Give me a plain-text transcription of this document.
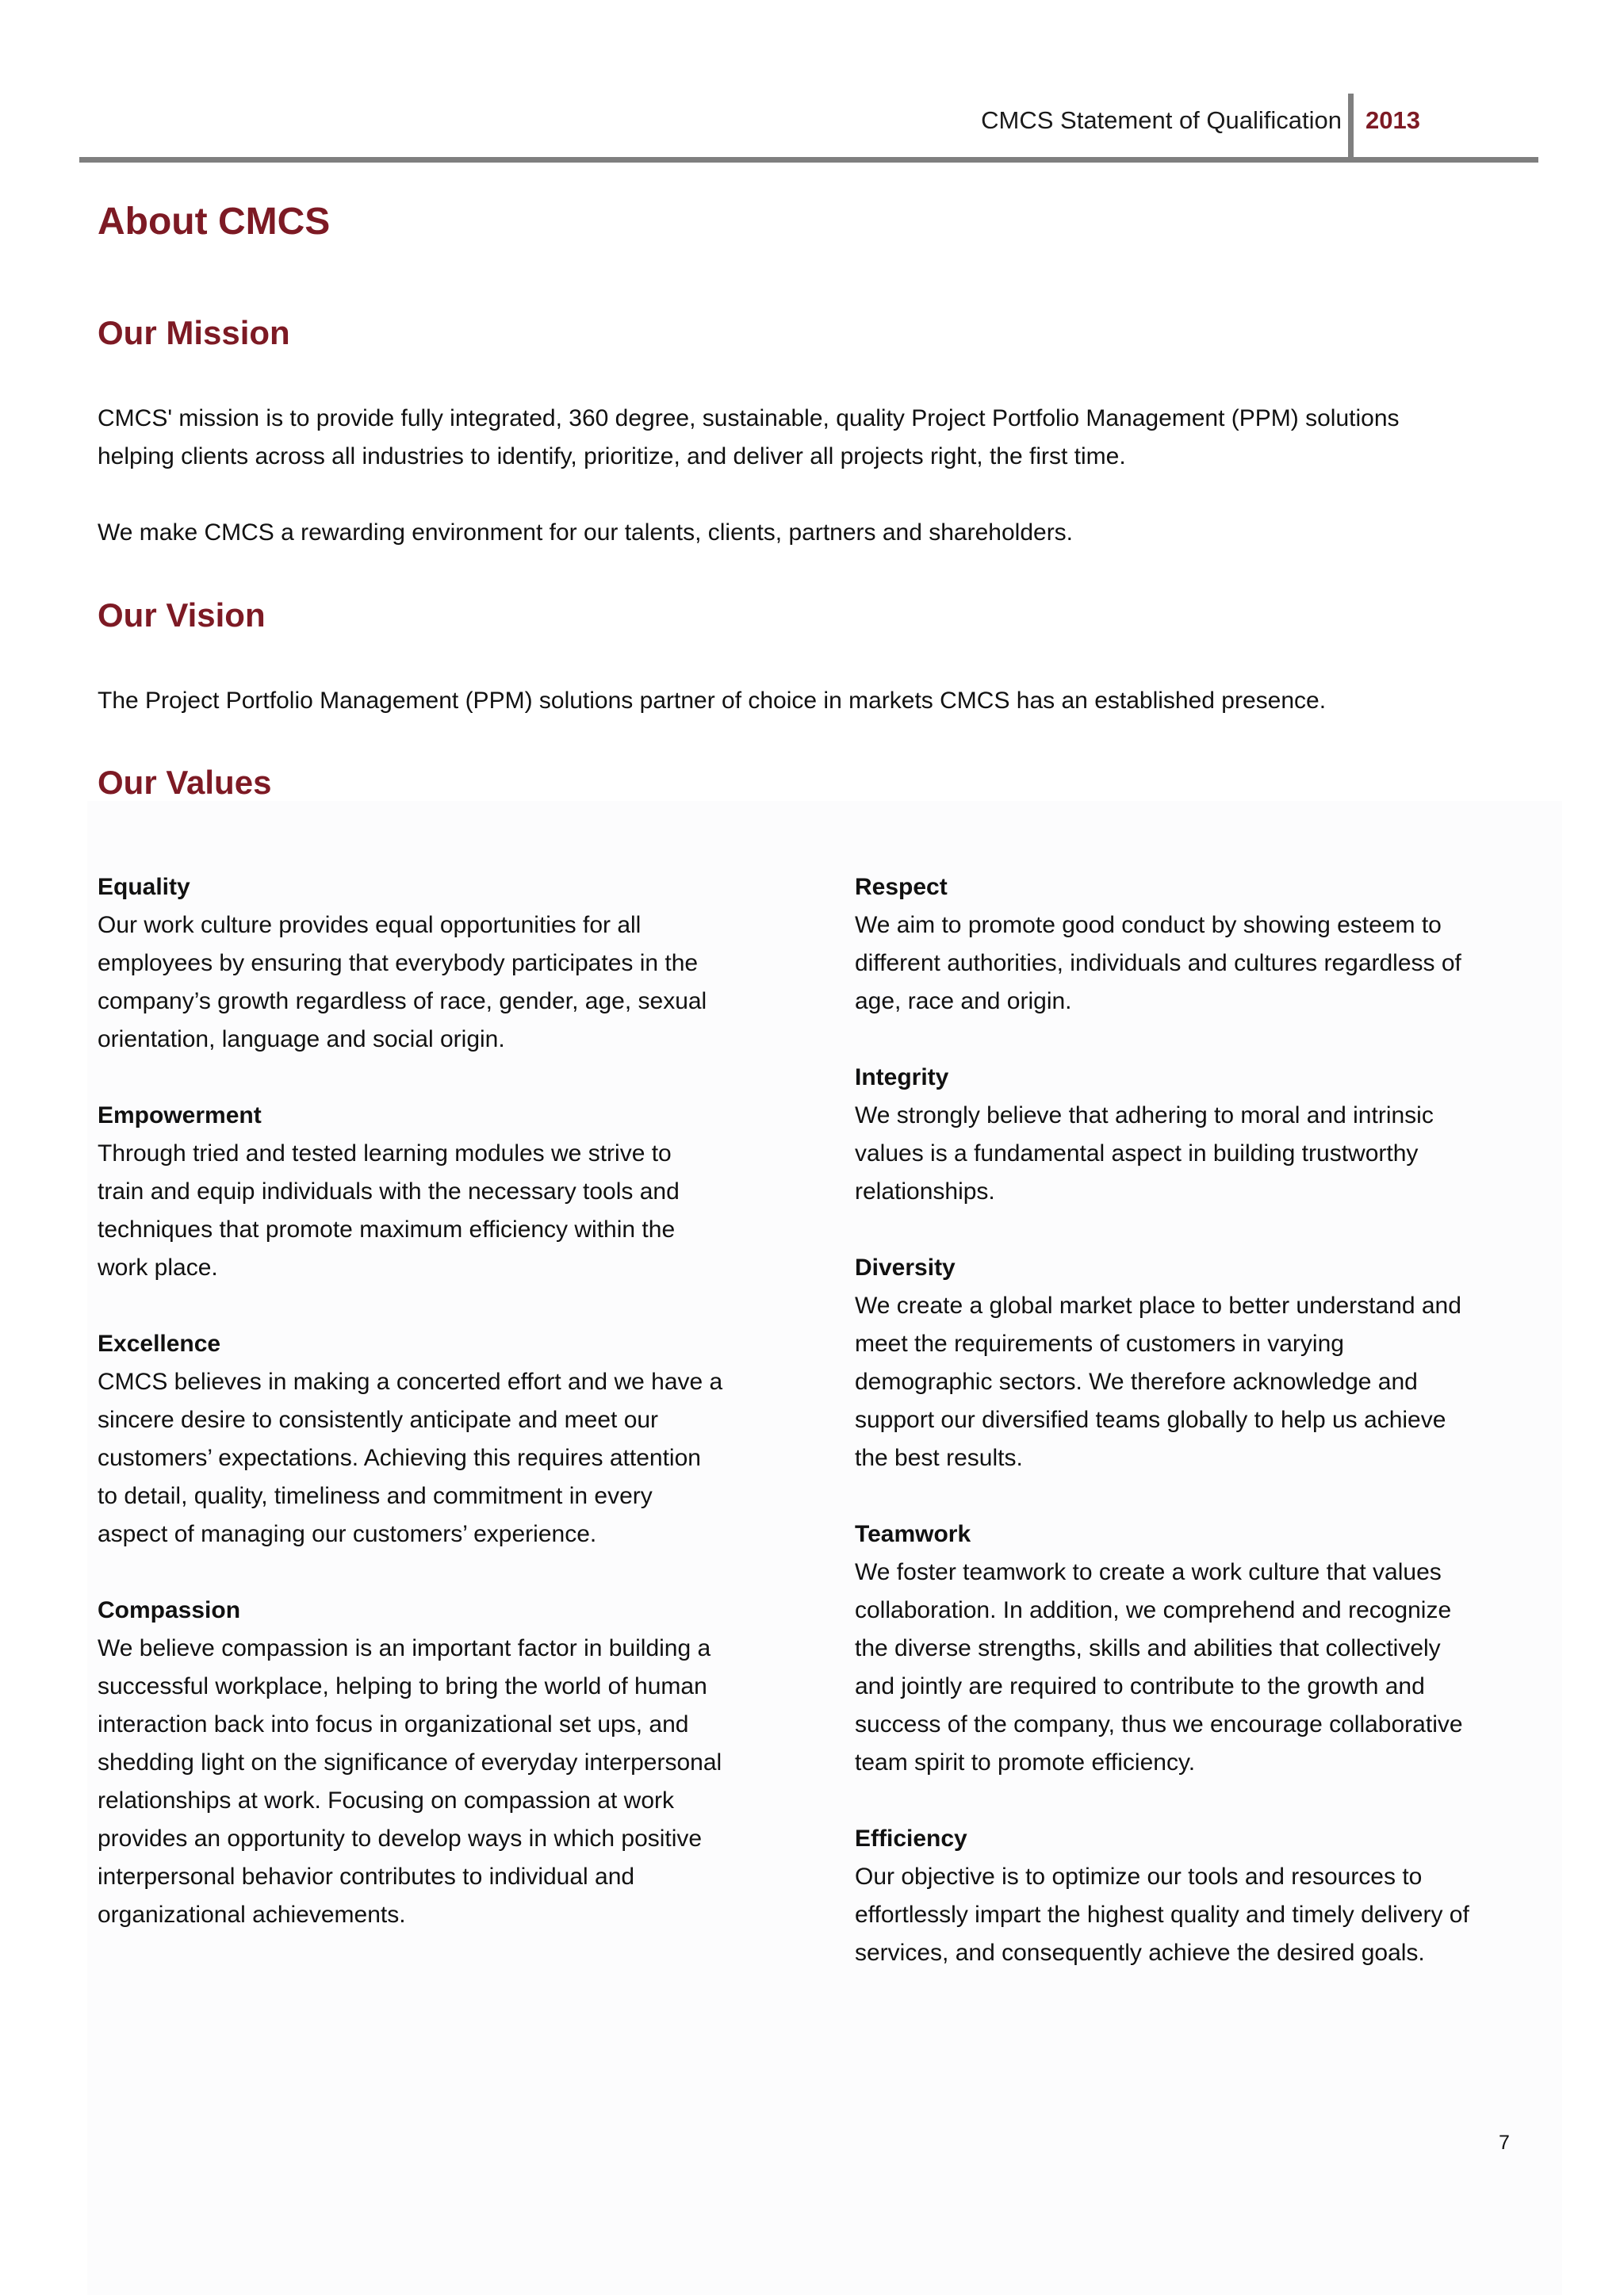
CMCS Statement of Qualification 2013
About CMCS
Our Mission

CMCS' mission is to provide fully integrated, 360 degree, sustainable, quality Project Portfolio Management (PPM) solutions
helping clients across all industries to identify, prioritize, and deliver all projects right, the first time.

We make CMCS a rewarding environment for our talents, clients, partners and shareholders.

Our Vision

The Project Portfolio Management (PPM) solutions partner of choice in markets CMCS has an established presence.

Our Values
Equality
Our work culture provides equal opportunities for all
employees by ensuring that everybody participates in the
company’s growth regardless of race, gender, age, sexual
orientation, language and social origin.
Empowerment
Through tried and tested learning modules we strive to
train and equip individuals with the necessary tools and
techniques that promote maximum efficiency within the
work place.
Excellence
CMCS believes in making a concerted effort and we have a
sincere desire to consistently anticipate and meet our
customers’ expectations. Achieving this requires attention
to detail, quality, timeliness and commitment in every
aspect of managing our customers’ experience.
Compassion
We believe compassion is an important factor in building a
successful workplace, helping to bring the world of human
interaction back into focus in organizational set ups, and
shedding light on the significance of everyday interpersonal
relationships at work. Focusing on compassion at work
provides an opportunity to develop ways in which positive
interpersonal behavior contributes to individual and
organizational achievements.
Respect
We aim to promote good conduct by showing esteem to
different authorities, individuals and cultures regardless of
age, race and origin.
Integrity
We strongly believe that adhering to moral and intrinsic
values is a fundamental aspect in building trustworthy
relationships.
Diversity
We create a global market place to better understand and
meet the requirements of customers in varying
demographic sectors. We therefore acknowledge and
support our diversified teams globally to help us achieve
the best results.
Teamwork
We foster teamwork to create a work culture that values
collaboration. In addition, we comprehend and recognize
the diverse strengths, skills and abilities that collectively
and jointly are required to contribute to the growth and
success of the company, thus we encourage collaborative
team spirit to promote efficiency.
Efficiency
Our objective is to optimize our tools and resources to
effortlessly impart the highest quality and timely delivery of
services, and consequently achieve the desired goals.
7
